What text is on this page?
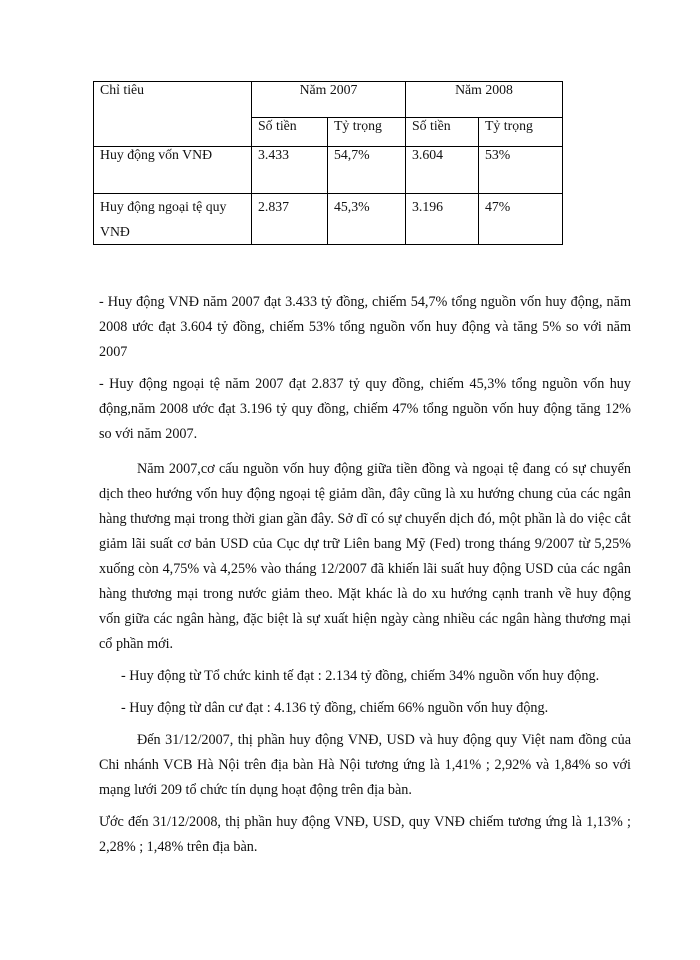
Chỉ tiêu	Năm 2007		Năm 2008	
	Số tiền	Tỷ trọng	Số tiền	Tỷ trọng
Huy động vốn VNĐ	3.433	54,7%	3.604	53%
Huy động ngoại tệ quy VNĐ	2.837	45,3%	3.196	47%

- Huy động VNĐ năm 2007 đạt 3.433 tỷ đồng, chiếm 54,7% tổng nguồn vốn huy động, năm 2008 ước đạt 3.604 tỷ đồng, chiếm 53% tổng nguồn vốn huy động và tăng 5% so với năm 2007

- Huy động ngoại tệ năm 2007 đạt 2.837 tỷ quy đồng, chiếm 45,3% tổng nguồn vốn huy động,năm 2008 ước đạt 3.196 tỷ quy đồng, chiếm 47% tổng nguồn vốn huy động tăng 12% so với năm 2007.

Năm 2007,cơ cấu nguồn vốn huy động giữa tiền đồng và ngoại tệ đang có sự chuyển dịch theo hướng vốn huy động ngoại tệ giảm dần, đây cũng là xu hướng chung của các ngân hàng thương mại trong thời gian gần đây. Sở dĩ có sự chuyển dịch đó, một phần là do việc cắt giảm lãi suất cơ bản USD của Cục dự trữ Liên bang Mỹ (Fed) trong tháng 9/2007 từ 5,25% xuống còn 4,75% và 4,25% vào tháng 12/2007 đã khiến lãi suất huy động USD của các ngân hàng thương mại trong nước giảm theo. Mặt khác là do xu hướng cạnh tranh về huy động vốn giữa các ngân hàng, đặc biệt là sự xuất hiện ngày càng nhiều các ngân hàng thương mại cổ phần mới.

- Huy động từ Tổ chức kinh tế đạt : 2.134 tỷ đồng, chiếm 34% nguồn vốn huy động.

- Huy động từ dân cư đạt : 4.136 tỷ đồng, chiếm 66% nguồn vốn huy động.

Đến 31/12/2007, thị phần huy động VNĐ, USD và huy động quy Việt nam đồng của Chi nhánh VCB Hà Nội trên địa bàn Hà Nội tương ứng là 1,41% ; 2,92% và 1,84% so với mạng lưới 209 tổ chức tín dụng hoạt động trên địa bàn.

Ước đến 31/12/2008, thị phần huy động VNĐ, USD, quy VNĐ chiếm tương ứng là 1,13% ; 2,28% ; 1,48% trên địa bàn.
